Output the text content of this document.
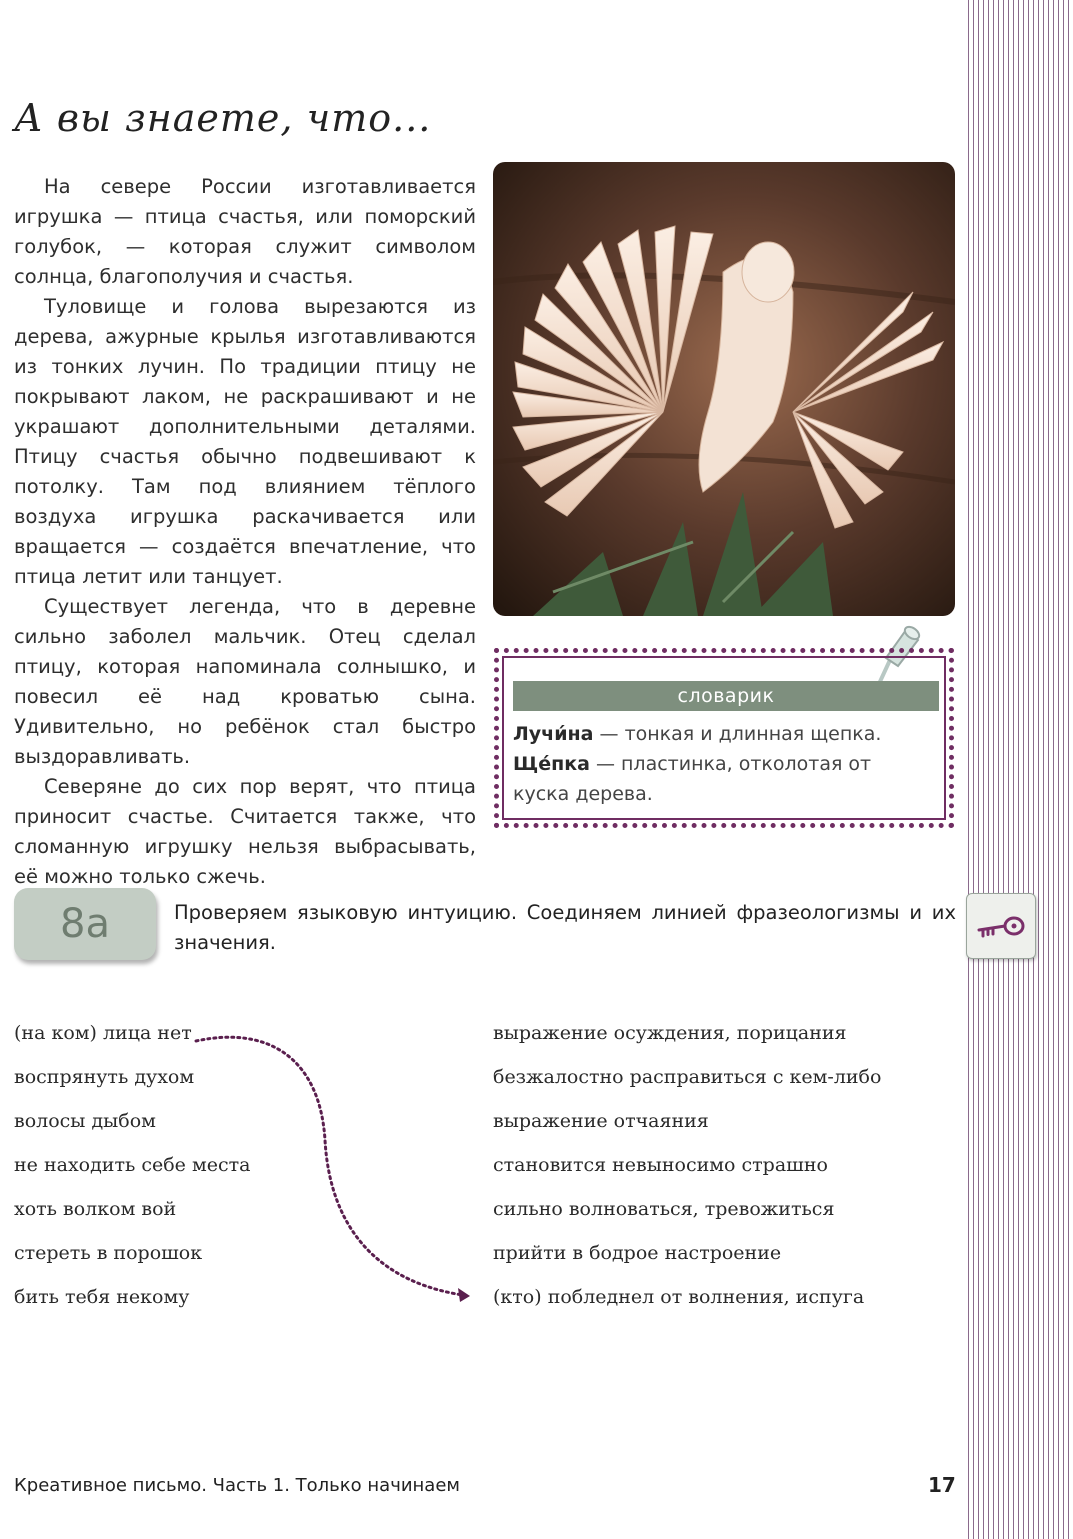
А вы знаете, что...

На севере России изготавливается игрушка — птица счастья, или поморский голубок, — которая служит символом солнца, благополучия и счастья.

Туловище и голова вырезаются из дерева, ажурные крылья изготавливаются из тонких лучин. По традиции птицу не покрывают лаком, не раскрашивают и не украшают дополнительными деталями. Птицу счастья обычно подвешивают к потолку. Там под влиянием тёплого воздуха игрушка раскачивается или вращается — создаётся впечатление, что птица летит или танцует.

Существует легенда, что в деревне сильно заболел мальчик. Отец сделал птицу, которая напоминала солнышко, и повесил её над кроватью сына. Удивительно, но ребёнок стал быстро выздоравливать.

Северяне до сих пор верят, что птица приносит счастье. Считается также, что сломанную игрушку нельзя выбрасывать, её можно только сжечь.

словарик
Лучи́на — тонкая и длинная щепка.
Ще́пка — пластинка, отколотая от куска дерева.
8а	Проверяем языковую интуицию. Соединяем линией фразеологизмы и их значения.
(на ком) лица нет
воспрянуть духом
волосы дыбом
не находить себе места
хоть волком вой
стереть в порошок
бить тебя некому
выражение осуждения, порицания
безжалостно расправиться с кем-либо
выражение отчаяния
становится невыносимо страшно
сильно волноваться, тревожиться
прийти в бодрое настроение
(кто) побледнел от волнения, испуга
Креативное письмо. Часть 1. Только начинаем	17
